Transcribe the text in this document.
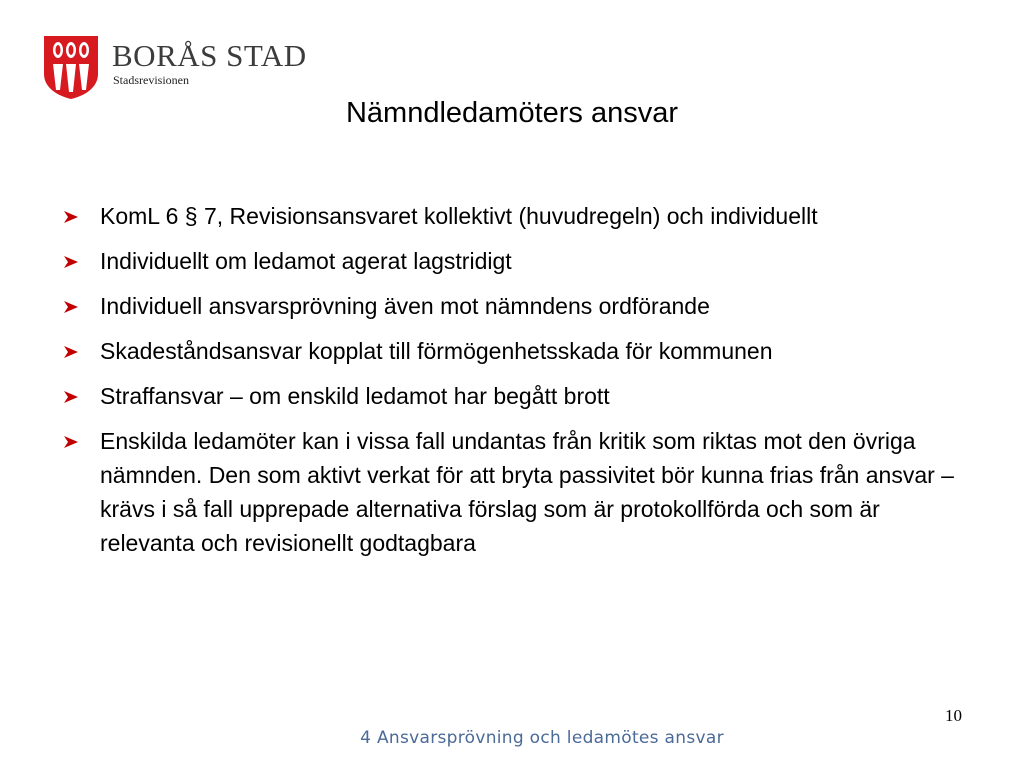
BORÅS STAD
Stadsrevisionen
Nämndledamöters ansvar
KomL 6 § 7, Revisionsansvaret kollektivt (huvudregeln) och individuellt
Individuellt om ledamot agerat lagstridigt
Individuell ansvarsprövning även mot nämndens ordförande
Skadeståndsansvar kopplat till förmögenhetsskada för kommunen
Straffansvar – om enskild ledamot har begått brott
Enskilda ledamöter kan i vissa fall undantas från kritik som riktas mot den övriga nämnden. Den som aktivt verkat för att bryta passivitet bör kunna frias från ansvar – krävs i så fall upprepade alternativa förslag som är protokollförda och som är relevanta och revisionellt godtagbara
10
4 Ansvarsprövning och ledamötes ansvar
